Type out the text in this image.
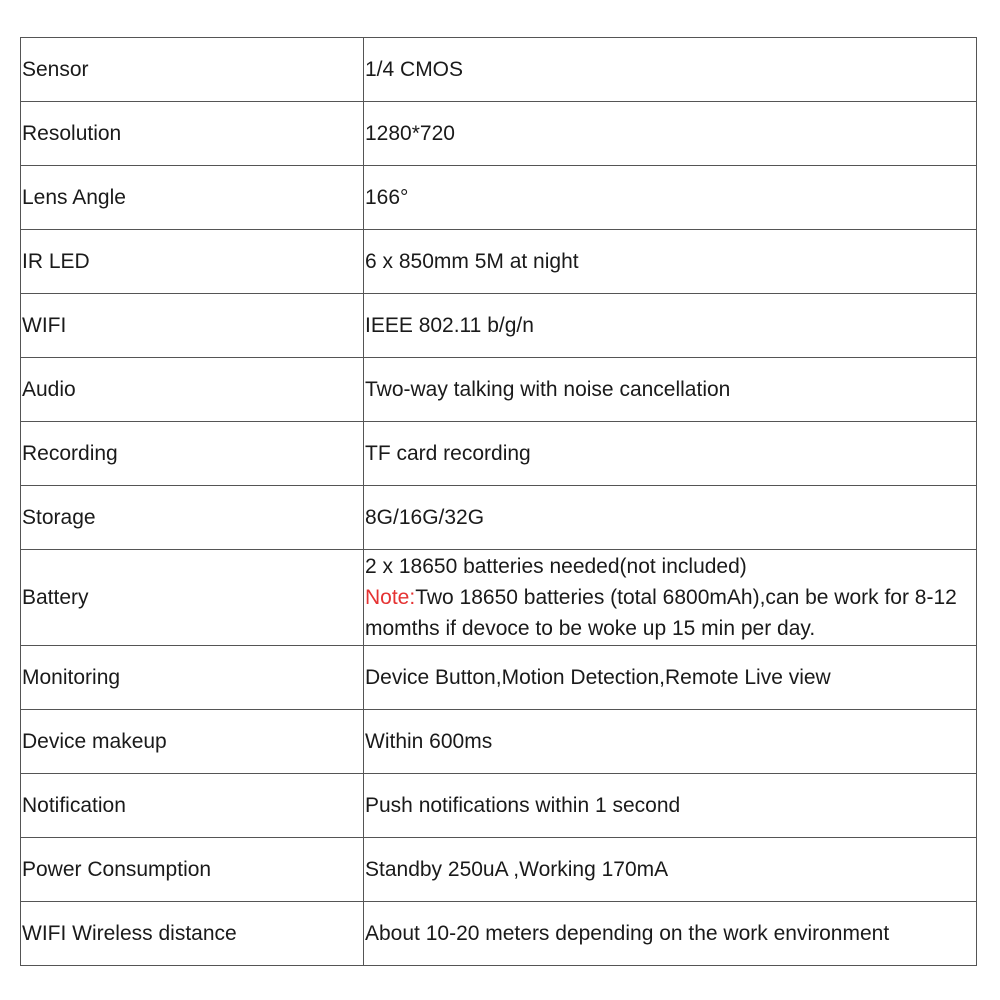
Sensor	1/4 CMOS
Resolution	1280*720
Lens Angle	166°
IR LED	6 x 850mm 5M at night
WIFI	IEEE 802.11 b/g/n
Audio	Two-way talking with noise cancellation
Recording	TF card recording
Storage	8G/16G/32G
Battery	2 x 18650 batteries needed(not included)
Note:Two 18650 batteries (total 6800mAh),can be work for 8-12
momths if devoce to be woke up 15 min per day.

Monitoring	Device Button,Motion Detection,Remote Live view
Device makeup	Within 600ms
Notification	Push notifications within 1 second
Power Consumption	Standby 250uA ,Working 170mA
WIFI Wireless distance	About 10-20 meters depending on the work environment
